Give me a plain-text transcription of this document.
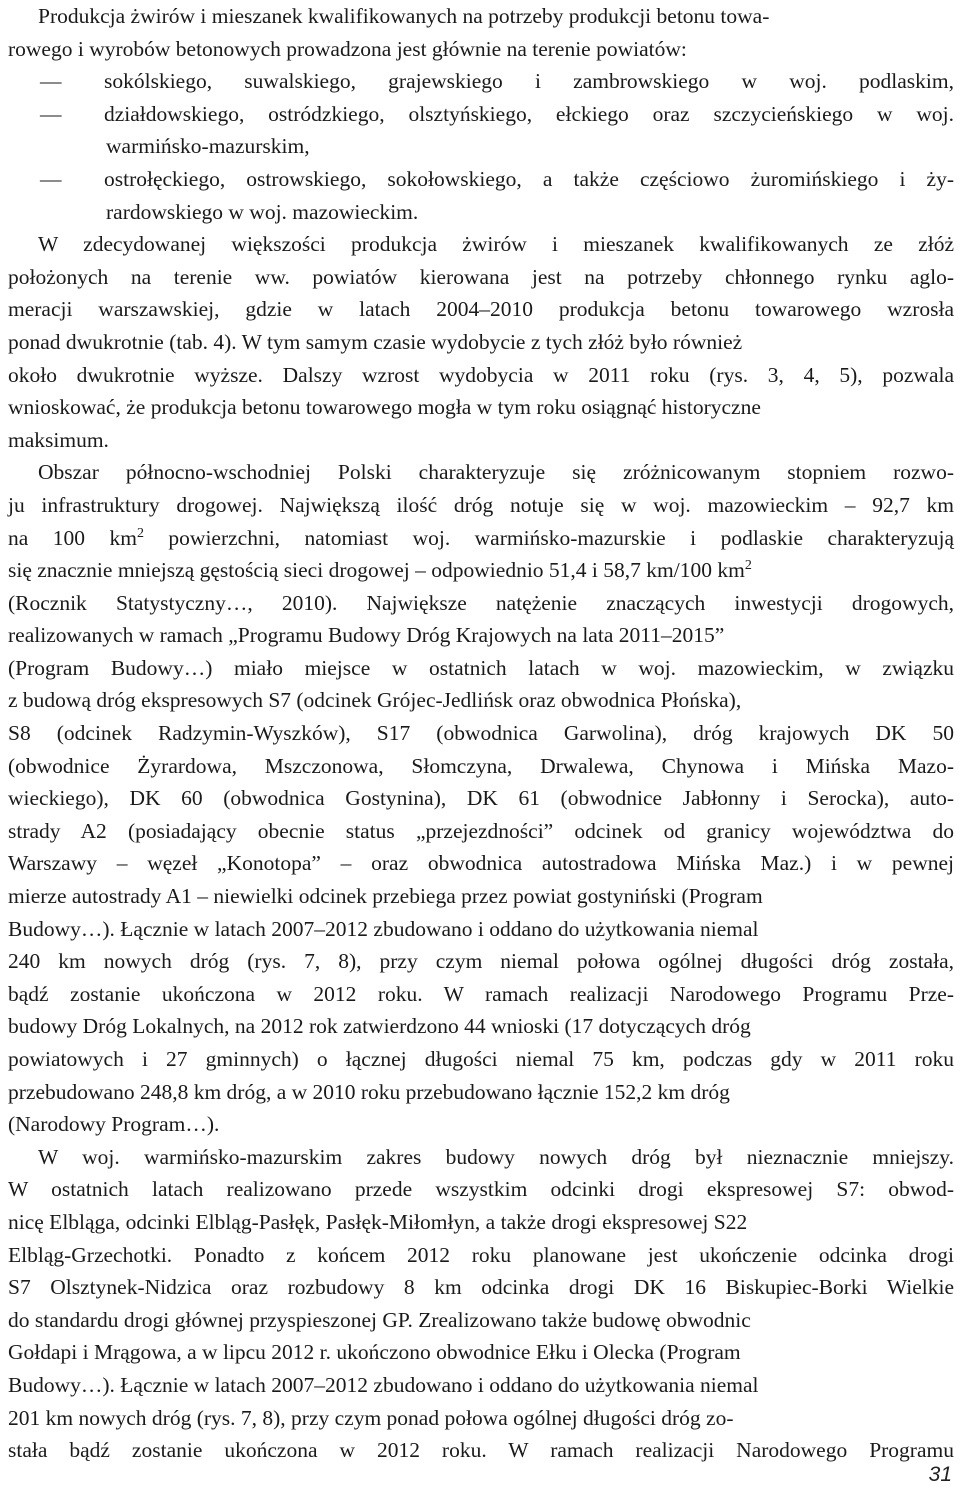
Produkcja żwirów i mieszanek kwalifikowanych na potrzeby produkcji betonu towa-
rowego i wyrobów betonowych prowadzona jest głównie na terenie powiatów:
— sokólskiego, suwalskiego, grajewskiego i zambrowskiego w woj. podlaskim,
— działdowskiego, ostródzkiego, olsztyńskiego, ełckiego oraz szczycieńskiego w woj.
warmińsko-mazurskim,
— ostrołęckiego, ostrowskiego, sokołowskiego, a także częściowo żuromińskiego i ży-
rardowskiego w woj. mazowieckim.
W zdecydowanej większości produkcja żwirów i mieszanek kwalifikowanych ze złóż
położonych na terenie ww. powiatów kierowana jest na potrzeby chłonnego rynku aglo-
meracji warszawskiej, gdzie w latach 2004–2010 produkcja betonu towarowego wzrosła
ponad dwukrotnie (tab. 4). W tym samym czasie wydobycie z tych złóż było również
około dwukrotnie wyższe. Dalszy wzrost wydobycia w 2011 roku (rys. 3, 4, 5), pozwala
wnioskować, że produkcja betonu towarowego mogła w tym roku osiągnąć historyczne
maksimum.
Obszar północno-wschodniej Polski charakteryzuje się zróżnicowanym stopniem rozwo-
ju infrastruktury drogowej. Największą ilość dróg notuje się w woj. mazowieckim – 92,7 km
na 100 $km^2$ powierzchni, natomiast woj. warmińsko-mazurskie i podlaskie charakteryzują
się znacznie mniejszą gęstością sieci drogowej – odpowiednio 51,4 i 58,7 km/100 $km^2$
(Rocznik Statystyczny…, 2010). Największe natężenie znaczących inwestycji drogowych,
realizowanych w ramach „Programu Budowy Dróg Krajowych na lata 2011–2015”
(Program Budowy…) miało miejsce w ostatnich latach w woj. mazowieckim, w związku
z budową dróg ekspresowych S7 (odcinek Grójec-Jedlińsk oraz obwodnica Płońska),
S8 (odcinek Radzymin-Wyszków), S17 (obwodnica Garwolina), dróg krajowych DK 50
(obwodnice Żyrardowa, Mszczonowa, Słomczyna, Drwalewa, Chynowa i Mińska Mazo-
wieckiego), DK 60 (obwodnica Gostynina), DK 61 (obwodnice Jabłonny i Serocka), auto-
strady A2 (posiadający obecnie status „przejezdności” odcinek od granicy województwa do
Warszawy – węzeł „Konotopa” – oraz obwodnica autostradowa Mińska Maz.) i w pewnej
mierze autostrady A1 – niewielki odcinek przebiega przez powiat gostyniński (Program
Budowy…). Łącznie w latach 2007–2012 zbudowano i oddano do użytkowania niemal
240 km nowych dróg (rys. 7, 8), przy czym niemal połowa ogólnej długości dróg została,
bądź zostanie ukończona w 2012 roku. W ramach realizacji Narodowego Programu Prze-
budowy Dróg Lokalnych, na 2012 rok zatwierdzono 44 wnioski (17 dotyczących dróg
powiatowych i 27 gminnych) o łącznej długości niemal 75 km, podczas gdy w 2011 roku
przebudowano 248,8 km dróg, a w 2010 roku przebudowano łącznie 152,2 km dróg
(Narodowy Program…).
W woj. warmińsko-mazurskim zakres budowy nowych dróg był nieznacznie mniejszy.
W ostatnich latach realizowano przede wszystkim odcinki drogi ekspresowej S7: obwod-
nicę Elbląga, odcinki Elbląg-Pasłęk, Pasłęk-Miłomłyn, a także drogi ekspresowej S22
Elbląg-Grzechotki. Ponadto z końcem 2012 roku planowane jest ukończenie odcinka drogi
S7 Olsztynek-Nidzica oraz rozbudowy 8 km odcinka drogi DK 16 Biskupiec-Borki Wielkie
do standardu drogi głównej przyspieszonej GP. Zrealizowano także budowę obwodnic
Gołdapi i Mrągowa, a w lipcu 2012 r. ukończono obwodnice Ełku i Olecka (Program
Budowy…). Łącznie w latach 2007–2012 zbudowano i oddano do użytkowania niemal
201 km nowych dróg (rys. 7, 8), przy czym ponad połowa ogólnej długości dróg zo-
stała bądź zostanie ukończona w 2012 roku. W ramach realizacji Narodowego Programu
31
